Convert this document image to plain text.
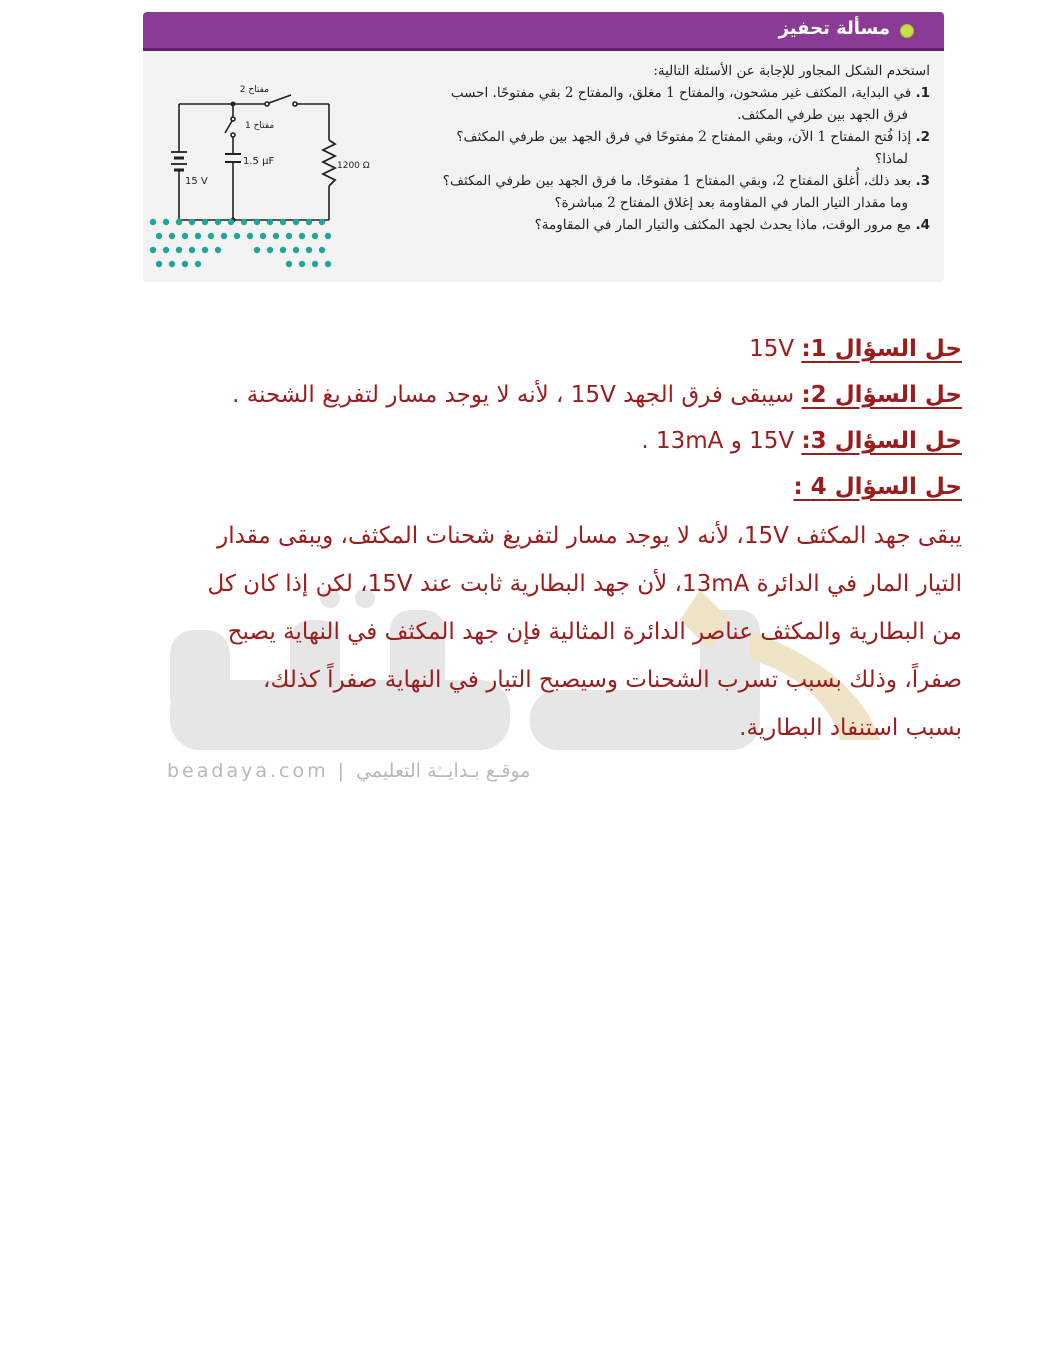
مسألة تحفيز

استخدم الشكل المجاور للإجابة عن الأسئلة التالية:

1. في البداية، المكثف غير مشحون، والمفتاح 1 مغلق، والمفتاح 2 بقي مفتوحًا. احسب

فرق الجهد بين طرفي المكثف.

2. إذا فُتح المفتاح 1 الآن، وبقي المفتاح 2 مفتوحًا في فرق الجهد بين طرفي المكثف؟

لماذا؟

3. بعد ذلك، أُغلق المفتاح 2، وبقي المفتاح 1 مفتوحًا. ما فرق الجهد بين طرفي المكثف؟

وما مقدار التيار المار في المقاومة بعد إغلاق المفتاح 2 مباشرة؟

4. مع مرور الوقت، ماذا يحدث لجهد المكثف والتيار المار في المقاومة؟

مفتاح 2
مفتاح 1
1.5 μF
15 V
1200 Ω
beadaya.com | موقـع بـدايــة التعليمي
حل السؤال 1: 15V
حل السؤال 2: سيبقى فرق الجهد 15V ، لأنه لا يوجد مسار لتفريغ الشحنة .
حل السؤال 3: 15V و 13mA .
حل السؤال 4 :
يبقى جهد المكثف 15V، لأنه لا يوجد مسار لتفريغ شحنات المكثف، ويبقى مقدار
التيار المار في الدائرة 13mA، لأن جهد البطارية ثابت عند 15V، لكن إذا كان كل
من البطارية والمكثف عناصر الدائرة المثالية فإن جهد المكثف في النهاية يصبح
صفراً، وذلك بسبب تسرب الشحنات وسيصبح التيار في النهاية صفراً كذلك،
بسبب استنفاد البطارية.
